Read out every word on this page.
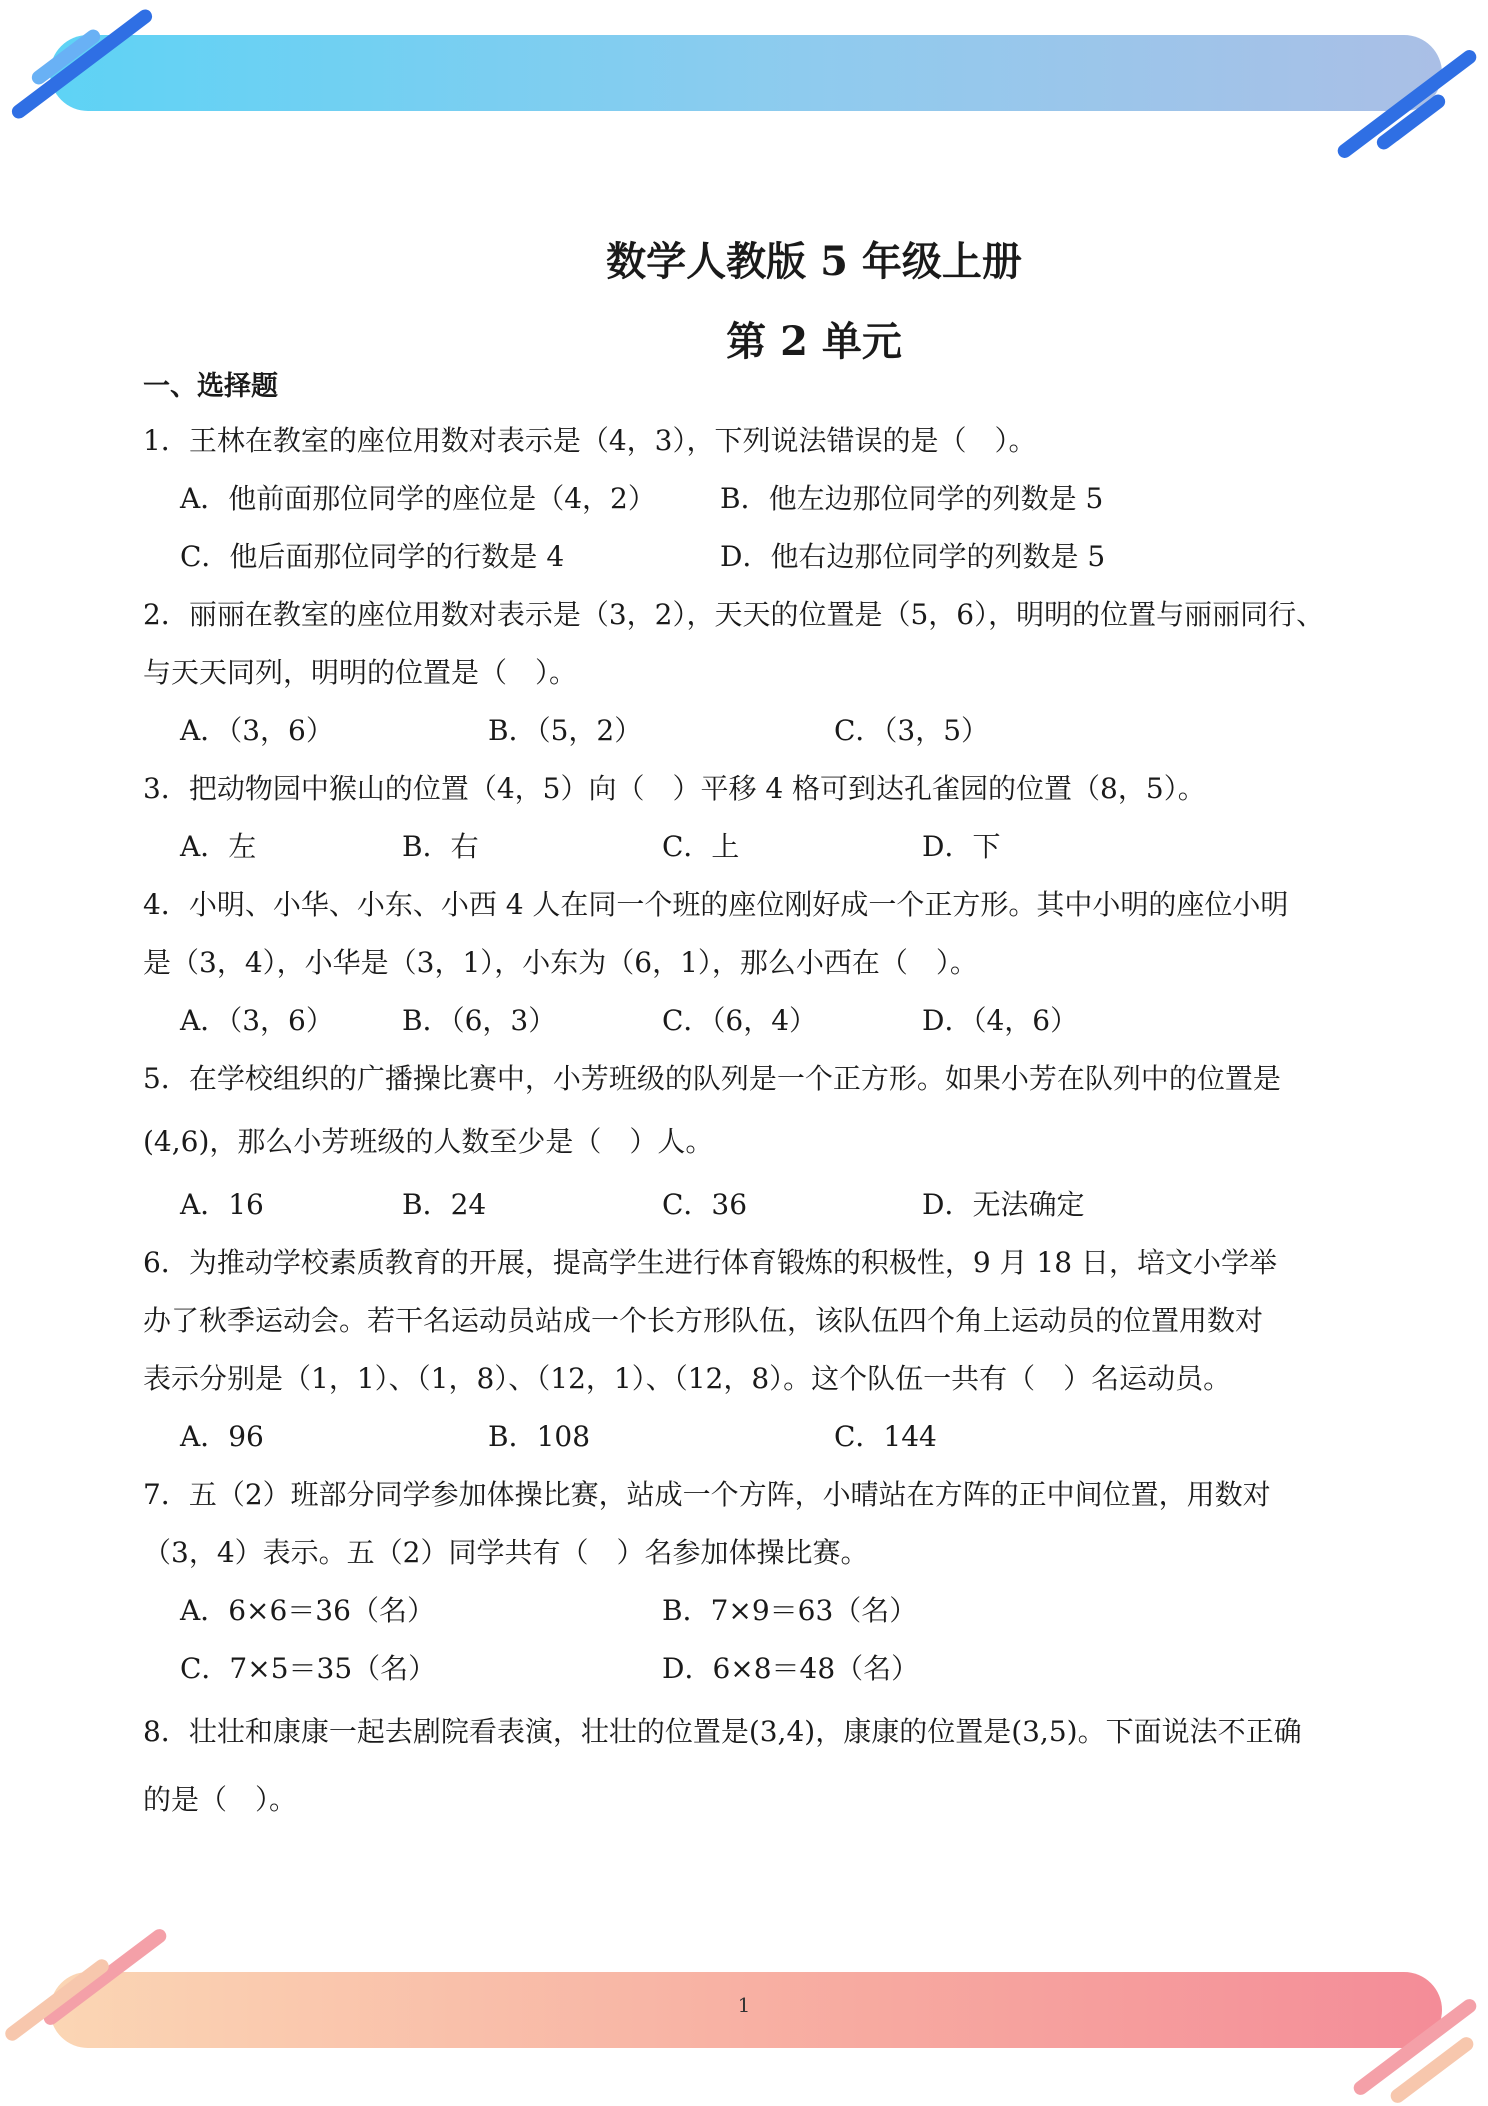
1
数学人教版 5 年级上册
第 2 单元
一、选择题
1．王林在教室的座位用数对表示是（4，3），下列说法错误的是（　）。
A．他前面那位同学的座位是（4，2） B．他左边那位同学的列数是 5
C．他后面那位同学的行数是 4	D．他右边那位同学的列数是 5
2．丽丽在教室的座位用数对表示是（3，2），天天的位置是（5，6），明明的位置与丽丽同行、
与天天同列，明明的位置是（　）。
A．（3，6）	B．（5，2）	C．（3，5）
3．把动物园中猴山的位置（4，5）向（　）平移 4 格可到达孔雀园的位置（8，5）。
A．左	B．右	C．上	D．下
4．小明、小华、小东、小西 4 人在同一个班的座位刚好成一个正方形。其中小明的座位小明
是（3，4），小华是（3，1），小东为（6，1），那么小西在（　）。
A．（3，6） B．（6，3）	C．（6，4）	D．（4，6）
5．在学校组织的广播操比赛中，小芳班级的队列是一个正方形。如果小芳在队列中的位置是
(4,6)，那么小芳班级的人数至少是（　）人。
A．16	B．24	C．36	D．无法确定
6．为推动学校素质教育的开展，提高学生进行体育锻炼的积极性，9 月 18 日，培文小学举
办了秋季运动会。若干名运动员站成一个长方形队伍，该队伍四个角上运动员的位置用数对
表示分别是（1，1）、（1，8）、（12，1）、（12，8）。这个队伍一共有（　）名运动员。
A．96	B．108	C．144
7．五（2）班部分同学参加体操比赛，站成一个方阵，小晴站在方阵的正中间位置，用数对
（3，4）表示。五（2）同学共有（　）名参加体操比赛。
A．6×6＝36（名）	B．7×9＝63（名）
C．7×5＝35（名）	D．6×8＝48（名）
8．壮壮和康康一起去剧院看表演，壮壮的位置是(3,4)，康康的位置是(3,5)。下面说法不正确
的是（　）。
